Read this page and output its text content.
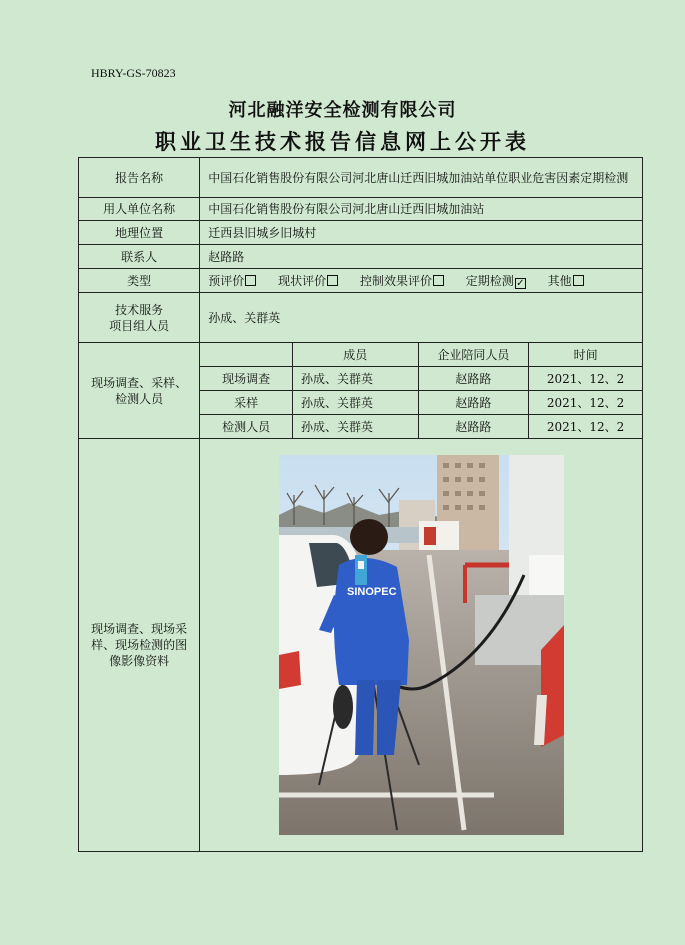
HBRY-GS-70823
河北融洋安全检测有限公司
职业卫生技术报告信息网上公开表
报告名称	中国石化销售股份有限公司河北唐山迁西旧城加油站单位职业危害因素定期检测			
用人单位名称	中国石化销售股份有限公司河北唐山迁西旧城加油站			
地理位置	迁西县旧城乡旧城村			
联系人	赵路路			
类型	预评价 现状评价 控制效果评价 定期检测 ✓ 其他			

技术服务
项目组人员	孙成、关群英			

现场调查、采样、
检测人员		成员	企业陪同人员	时间
	现场调查	孙成、关群英	赵路路	2021、12、2
	采样	孙成、关群英	赵路路	2021、12、2
	检测人员	孙成、关群英	赵路路	2021、12、2

现场调查、现场采
样、现场检测的图
像影像资料	SINOPEC			
